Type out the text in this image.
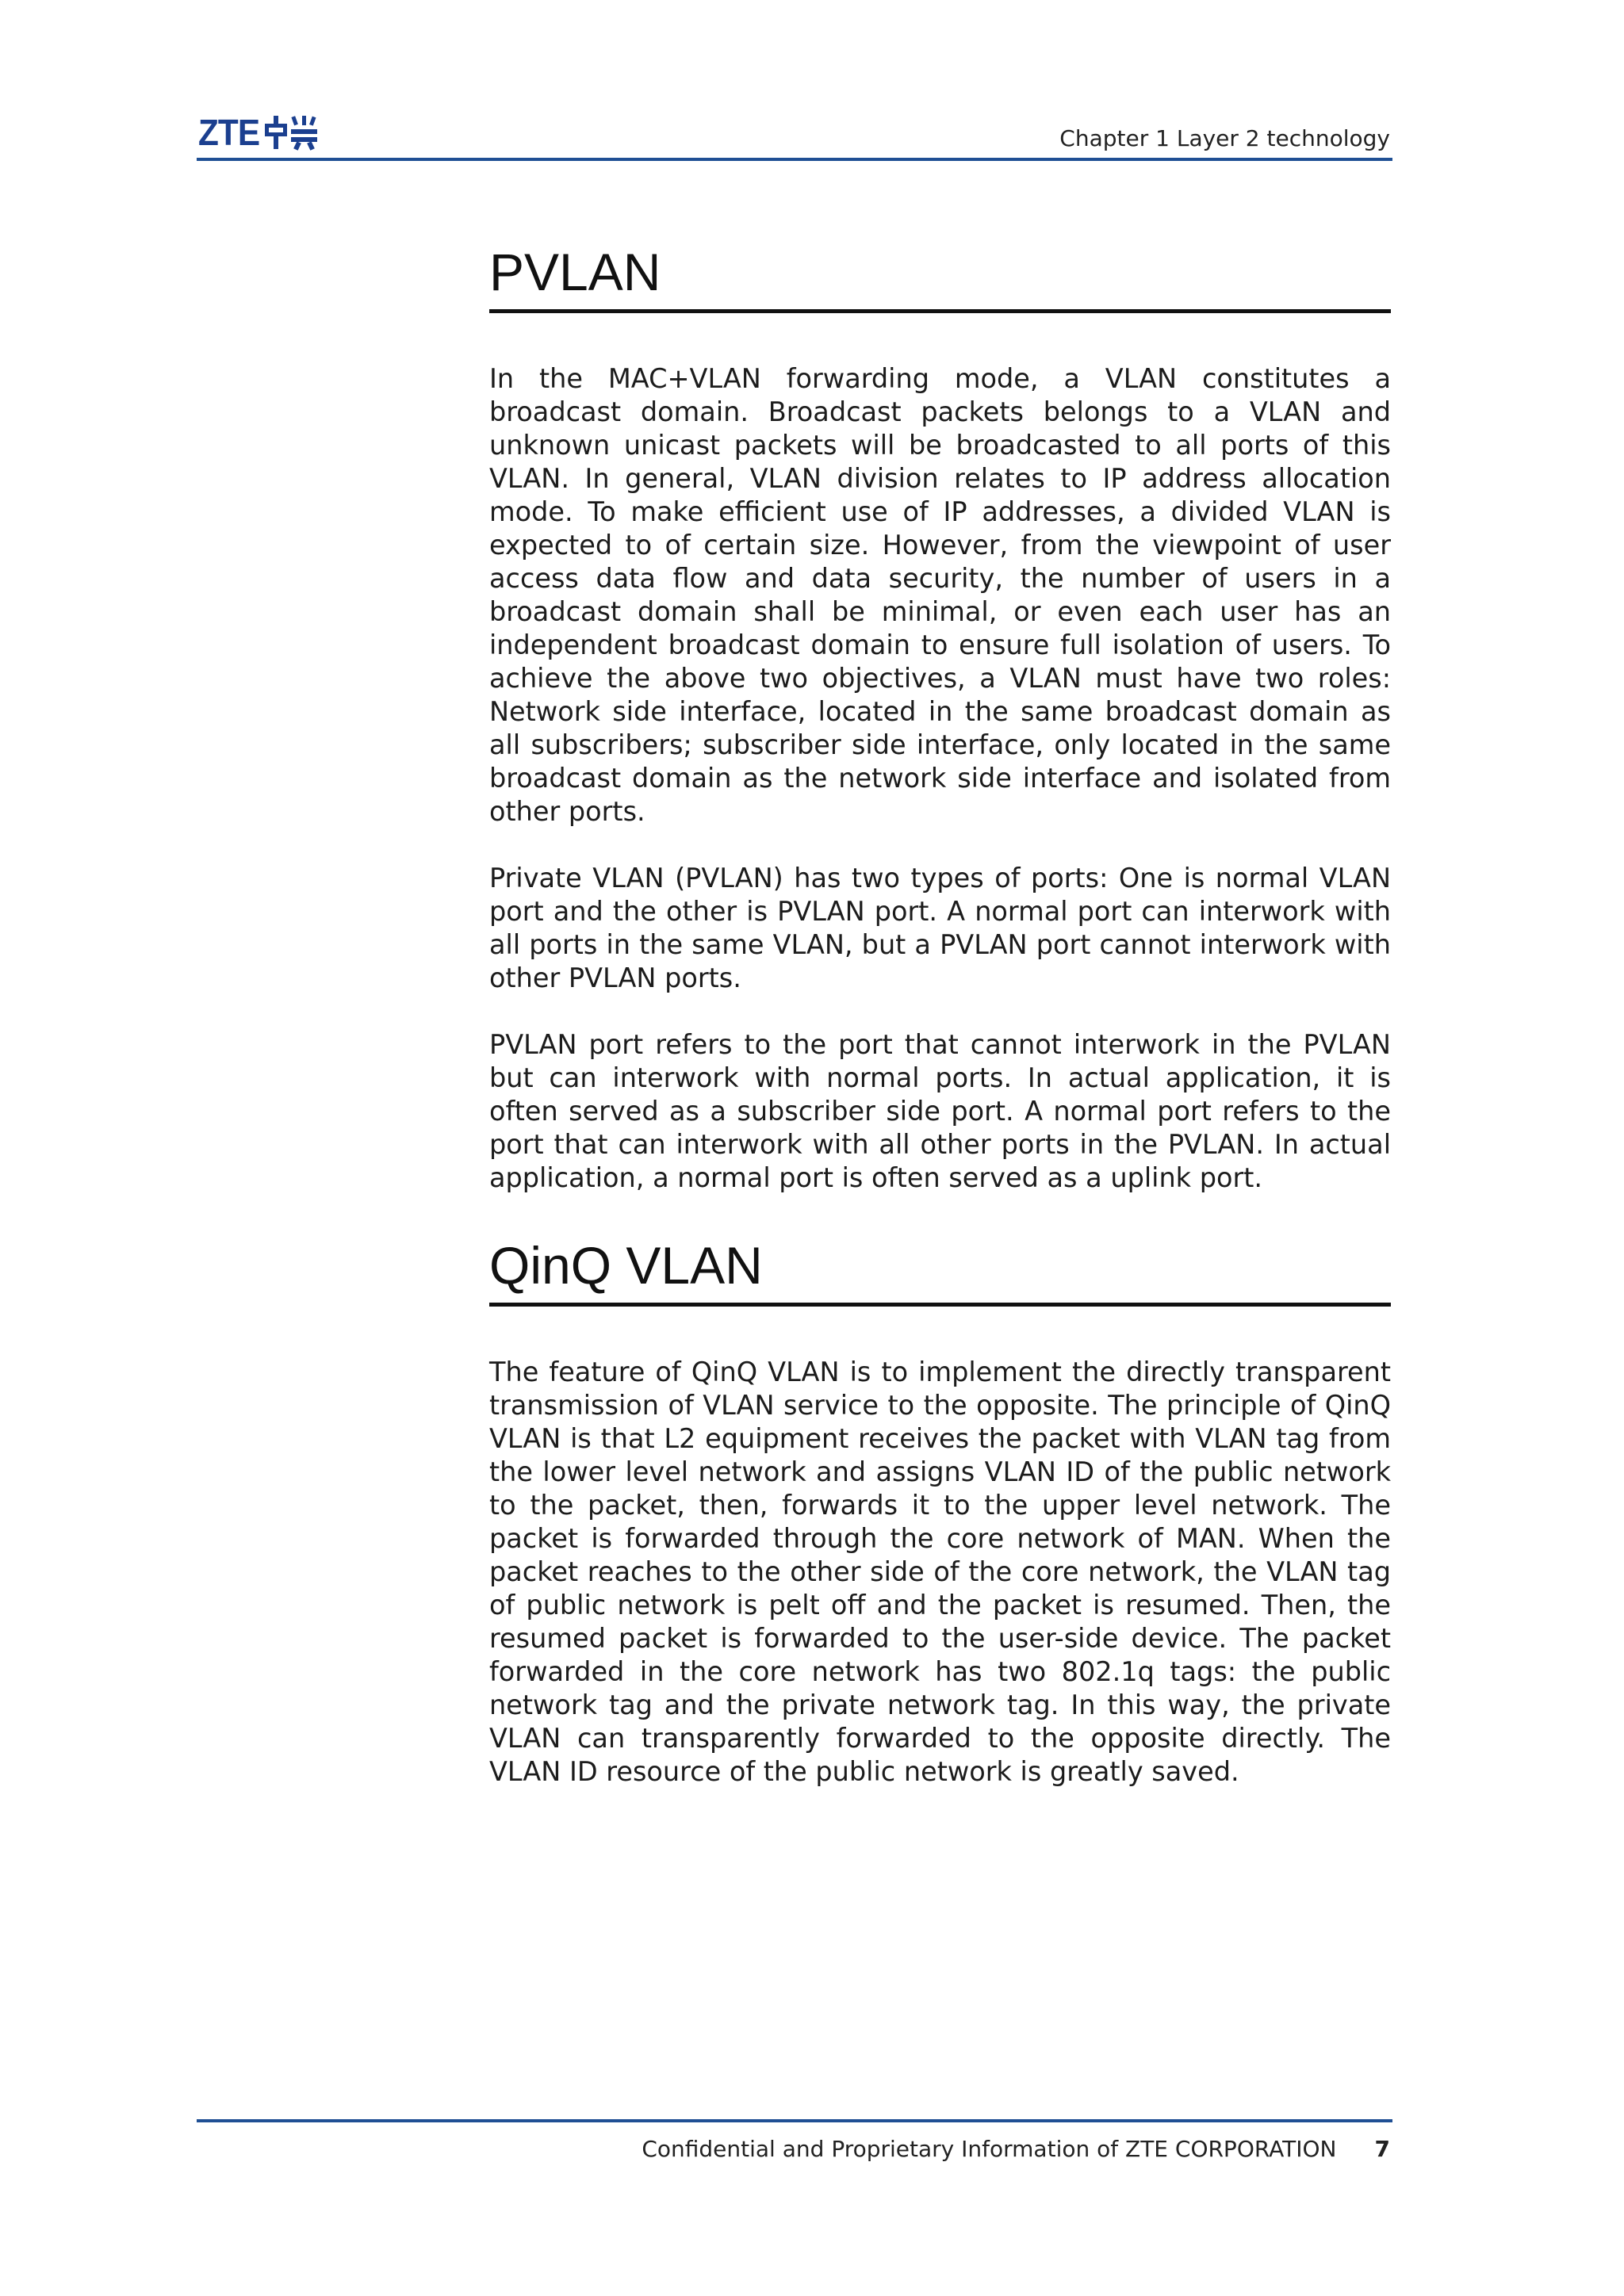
ZTE	Chapter 1 Layer 2 technology
PVLAN

In the MAC+VLAN forwarding mode, a VLAN constitutes a broadcast domain. Broadcast packets belongs to a VLAN and unknown unicast packets will be broadcasted to all ports of this VLAN. In general, VLAN division relates to IP address allocation mode. To make efficient use of IP addresses, a divided VLAN is expected to of certain size. However, from the viewpoint of user access data flow and data security, the number of users in a broadcast domain shall be minimal, or even each user has an independent broadcast domain to ensure full isolation of users. To achieve the above two objectives, a VLAN must have two roles: Network side interface, located in the same broadcast domain as all subscribers; subscriber side interface, only located in the same broadcast domain as the network side interface and isolated from other ports.

Private VLAN (PVLAN) has two types of ports: One is normal VLAN port and the other is PVLAN port. A normal port can interwork with all ports in the same VLAN, but a PVLAN port cannot interwork with other PVLAN ports.

PVLAN port refers to the port that cannot interwork in the PVLAN but can interwork with normal ports. In actual application, it is often served as a subscriber side port. A normal port refers to the port that can interwork with all other ports in the PVLAN. In actual application, a normal port is often served as a uplink port.

QinQ VLAN

The feature of QinQ VLAN is to implement the directly transparent transmission of VLAN service to the opposite. The principle of QinQ VLAN is that L2 equipment receives the packet with VLAN tag from the lower level network and assigns VLAN ID of the public network to the packet, then, forwards it to the upper level network. The packet is forwarded through the core network of MAN. When the packet reaches to the other side of the core network, the VLAN tag of public network is pelt off and the packet is resumed. Then, the resumed packet is forwarded to the user-side device. The packet forwarded in the core network has two 802.1q tags: the public network tag and the private network tag. In this way, the private VLAN can transparently forwarded to the opposite directly. The VLAN ID resource of the public network is greatly saved.

Confidential and Proprietary Information of ZTE CORPORATION 7
